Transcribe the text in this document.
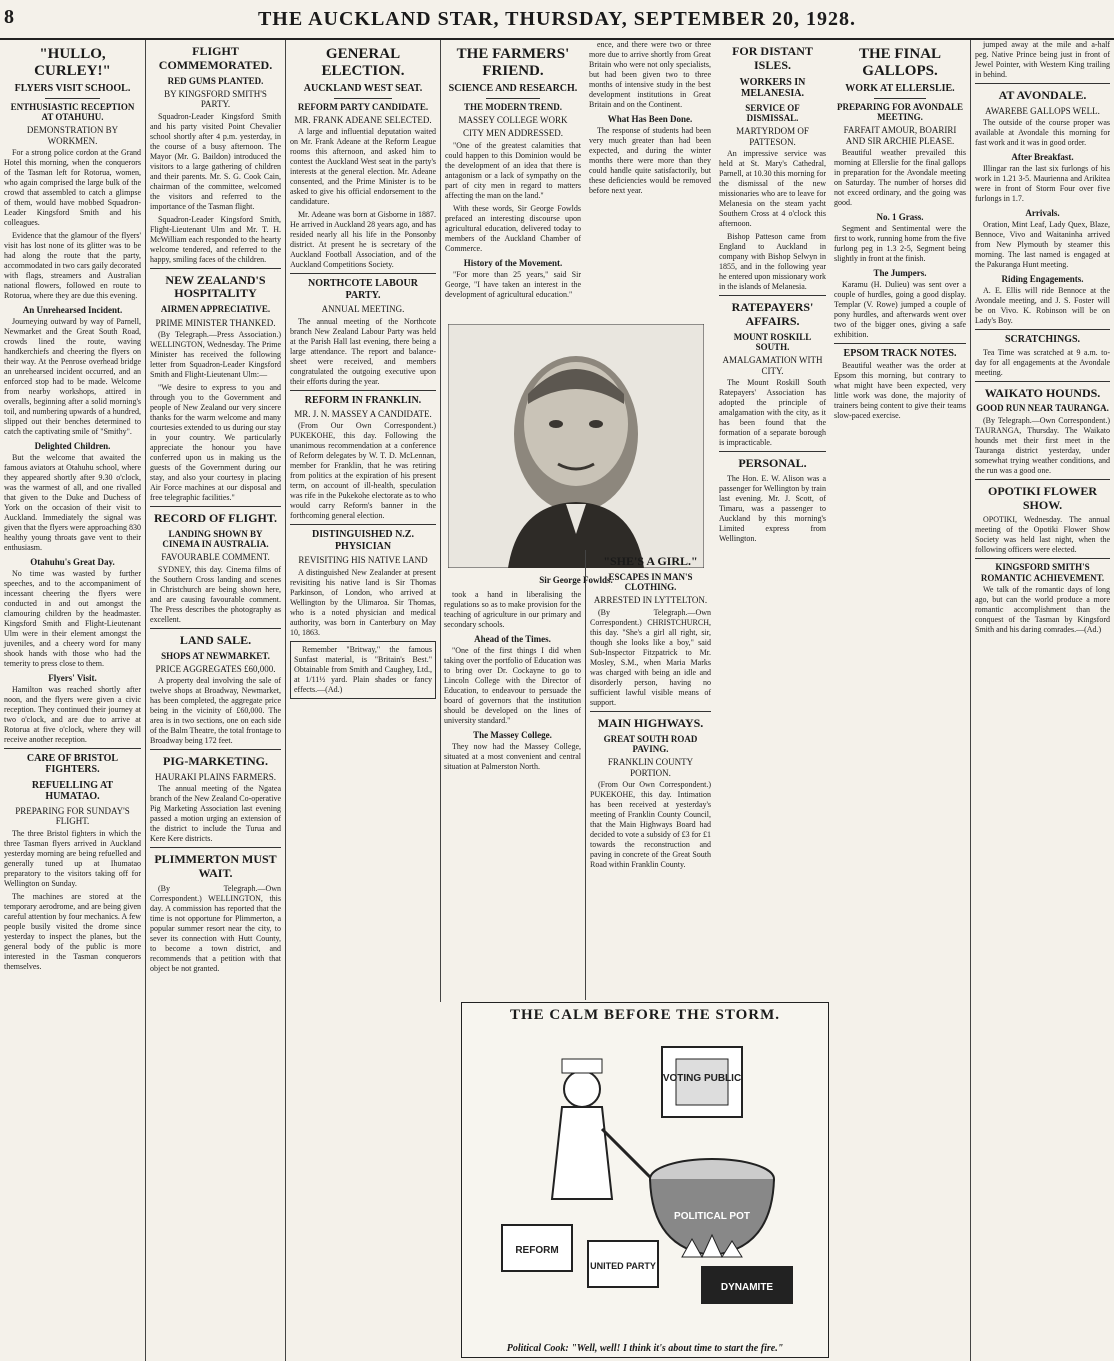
8	THE AUCKLAND STAR, THURSDAY, SEPTEMBER 20, 1928.
"HULLO, CURLEY!"
FLYERS VISIT SCHOOL.
ENTHUSIASTIC RECEPTION AT OTAHUHU.
DEMONSTRATION BY WORKMEN.

For a strong police cordon at the Grand Hotel this morning, when the conquerors of the Tasman left for Rotorua, women, who again comprised the large bulk of the crowd that assembled to catch a glimpse of them, would have mobbed Squadron-Leader Kingsford Smith and his colleagues.

Evidence that the glamour of the flyers' visit has lost none of its glitter was to be had along the route that the party, accommodated in two cars gaily decorated with flags, streamers and Australian national flowers, followed en route to Rotorua, where they are due this evening.

An Unrehearsed Incident.

Journeying outward by way of Parnell, Newmarket and the Great South Road, crowds lined the route, waving handkerchiefs and cheering the flyers on their way. At the Penrose overhead bridge an unrehearsed incident occurred, and an enforced stop had to be made. Welcome from nearby workshops, attired in overalls, beginning after a solid morning's toil, and numbering upwards of a hundred, slipped out their benches determined to catch the captivating smile of "Smithy".

Delighted Children.

But the welcome that awaited the famous aviators at Otahuhu school, where they appeared shortly after 9.30 o'clock, was the warmest of all, and one rivalled that given to the Duke and Duchess of York on the occasion of their visit to Auckland. Immediately the signal was given that the flyers were approaching 830 healthy young throats gave vent to their enthusiasm.

Otahuhu's Great Day.

No time was wasted by further speeches, and to the accompaniment of incessant cheering the flyers were conducted in and out amongst the clamouring children by the headmaster. Kingsford Smith and Flight-Lieutenant Ulm were in their element amongst the juveniles, and a cheery word for many shook hands with those who had the temerity to press close to them.

Flyers' Visit.

Hamilton was reached shortly after noon, and the flyers were given a civic reception. They continued their journey at two o'clock, and are due to arrive at Rotorua at five o'clock, where they will receive another reception.

CARE OF BRISTOL FIGHTERS.
REFUELLING AT HUMATAO.
PREPARING FOR SUNDAY'S FLIGHT.

The three Bristol fighters in which the three Tasman flyers arrived in Auckland yesterday morning are being refuelled and generally tuned up at Ihumatao preparatory to the visitors taking off for Wellington on Sunday.

The machines are stored at the temporary aerodrome, and are being given careful attention by four mechanics. A few people busily visited the drome since yesterday to inspect the planes, but the general body of the public is more interested in the Tasman conquerors themselves.

FLIGHT COMMEMORATED.
RED GUMS PLANTED.
BY KINGSFORD SMITH'S PARTY.

Squadron-Leader Kingsford Smith and his party visited Point Chevalier school shortly after 4 p.m. yesterday, in the course of a busy afternoon. The Mayor (Mr. G. Baildon) introduced the visitors to a large gathering of children and their parents. Mr. S. G. Cook Cain, chairman of the committee, welcomed the visitors and referred to the importance of the Tasman flight.

Squadron-Leader Kingsford Smith, Flight-Lieutenant Ulm and Mr. T. H. McWilliam each responded to the hearty welcome tendered, and referred to the happy, smiling faces of the children.

NEW ZEALAND'S HOSPITALITY
AIRMEN APPRECIATIVE.
PRIME MINISTER THANKED.

(By Telegraph.—Press Association.) WELLINGTON, Wednesday. The Prime Minister has received the following letter from Squadron-Leader Kingsford Smith and Flight-Lieutenant Ulm:—

"We desire to express to you and through you to the Government and people of New Zealand our very sincere thanks for the warm welcome and many courtesies extended to us during our stay in your country. We particularly appreciate the honour you have conferred upon us in making us the guests of the Government during our stay, and also your courtesy in placing Air Force machines at our disposal and free telegraphic facilities."

RECORD OF FLIGHT.
LANDING SHOWN BY CINEMA IN AUSTRALIA.
FAVOURABLE COMMENT.

SYDNEY, this day. Cinema films of the Southern Cross landing and scenes in Christchurch are being shown here, and are causing favourable comment. The Press describes the photography as excellent.

LAND SALE.
SHOPS AT NEWMARKET.
PRICE AGGREGATES £60,000.

A property deal involving the sale of twelve shops at Broadway, Newmarket, has been completed, the aggregate price being in the vicinity of £60,000. The area is in two sections, one on each side of the Balm Theatre, the total frontage to Broadway being 172 feet.

PIG-MARKETING.
HAURAKI PLAINS FARMERS.

The annual meeting of the Ngatea branch of the New Zealand Co-operative Pig Marketing Association last evening passed a motion urging an extension of the district to include the Turua and Kere Kere districts.

PLIMMERTON MUST WAIT.

(By Telegraph.—Own Correspondent.) WELLINGTON, this day. A commission has reported that the time is not opportune for Plimmerton, a popular summer resort near the city, to sever its connection with Hutt County, to become a town district, and recommends that a petition with that object be not granted.

GENERAL ELECTION.
AUCKLAND WEST SEAT.
REFORM PARTY CANDIDATE.
MR. FRANK ADEANE SELECTED.

A large and influential deputation waited on Mr. Frank Adeane at the Reform League rooms this afternoon, and asked him to contest the Auckland West seat in the party's interests at the general election. Mr. Adeane consented, and the Prime Minister is to be asked to give his official endorsement to the candidature.

Mr. Adeane was born at Gisborne in 1887. He arrived in Auckland 28 years ago, and has resided nearly all his life in the Ponsonby district. At present he is secretary of the Auckland Football Association, and of the Auckland Competitions Society.

NORTHCOTE LABOUR PARTY.
ANNUAL MEETING.

The annual meeting of the Northcote branch New Zealand Labour Party was held at the Parish Hall last evening, there being a large attendance. The report and balance-sheet were received, and members congratulated the outgoing executive upon their efforts during the year.

REFORM IN FRANKLIN.
MR. J. N. MASSEY A CANDIDATE.

(From Our Own Correspondent.) PUKEKOHE, this day. Following the unanimous recommendation at a conference of Reform delegates by W. T. D. McLennan, member for Franklin, that he was retiring from politics at the expiration of his present term, on account of ill-health, speculation was rife in the Pukekohe electorate as to who would carry Reform's banner in the forthcoming general election.

DISTINGUISHED N.Z. PHYSICIAN
REVISITING HIS NATIVE LAND

A distinguished New Zealander at present revisiting his native land is Sir Thomas Parkinson, of London, who arrived at Wellington by the Ulimaroa. Sir Thomas, who is a noted physician and medical authority, was born in Canterbury on May 10, 1863.

Remember "Britway," the famous Sunfast material, is "Britain's Best." Obtainable from Smith and Caughey, Ltd., at 1/11½ yard. Plain shades or fancy effects.—(Ad.)

THE FARMERS' FRIEND.
SCIENCE AND RESEARCH.
THE MODERN TREND.
MASSEY COLLEGE WORK
CITY MEN ADDRESSED.

"One of the greatest calamities that could happen to this Dominion would be the development of an idea that there is antagonism or a lack of sympathy on the part of city men in regard to matters affecting the man on the land."

With these words, Sir George Fowlds prefaced an interesting discourse upon agricultural education, delivered today to members of the Auckland Chamber of Commerce.

History of the Movement.

"For more than 25 years," said Sir George, "I have taken an interest in the development of agricultural education."

Sir George Fowlds.

took a hand in liberalising the regulations so as to make provision for the teaching of agriculture in our primary and secondary schools.

Ahead of the Times.

"One of the first things I did when taking over the portfolio of Education was to bring over Dr. Cockayne to go to Lincoln College with the Director of Education, to endeavour to persuade the board of governors that the institution should be developed on the lines of university standard."

The Massey College.

They now had the Massey College, situated at a most convenient and central situation at Palmerston North.

ence, and there were two or three more due to arrive shortly from Great Britain who were not only specialists, but had been given two to three months of intensive study in the best development institutions in Great Britain and on the Continent.

What Has Been Done.

The response of students had been very much greater than had been expected, and during the winter months there were more than they could handle quite satisfactorily, but these deficiencies would be removed before next year.

"SHE'S A GIRL."
ESCAPES IN MAN'S CLOTHING.
ARRESTED IN LYTTELTON.

(By Telegraph.—Own Correspondent.) CHRISTCHURCH, this day. "She's a girl all right, sir, though she looks like a boy," said Sub-Inspector Fitzpatrick to Mr. Mosley, S.M., when Maria Marks was charged with being an idle and disorderly person, having no sufficient lawful visible means of support.

MAIN HIGHWAYS.
GREAT SOUTH ROAD PAVING.
FRANKLIN COUNTY PORTION.

(From Our Own Correspondent.) PUKEKOHE, this day. Intimation has been received at yesterday's meeting of Franklin County Council, that the Main Highways Board had decided to vote a subsidy of £3 for £1 towards the reconstruction and paving in concrete of the Great South Road within Franklin County.

FOR DISTANT ISLES.
WORKERS IN MELANESIA.
SERVICE OF DISMISSAL.
MARTYRDOM OF PATTESON.

An impressive service was held at St. Mary's Cathedral, Parnell, at 10.30 this morning for the dismissal of the new missionaries who are to leave for Melanesia on the steam yacht Southern Cross at 4 o'clock this afternoon.

Bishop Patteson came from England to Auckland in company with Bishop Selwyn in 1855, and in the following year he entered upon missionary work in the islands of Melanesia.

RATEPAYERS' AFFAIRS.
MOUNT ROSKILL SOUTH.
AMALGAMATION WITH CITY.

The Mount Roskill South Ratepayers' Association has adopted the principle of amalgamation with the city, as it has been found that the formation of a separate borough is impracticable.

PERSONAL.

The Hon. E. W. Alison was a passenger for Wellington by train last evening. Mr. J. Scott, of Timaru, was a passenger to Auckland by this morning's Limited express from Wellington.

THE FINAL GALLOPS.
WORK AT ELLERSLIE.
PREPARING FOR AVONDALE MEETING.
FARFAIT AMOUR, BOARIRI AND SIR ARCHIE PLEASE.

Beautiful weather prevailed this morning at Ellerslie for the final gallops in preparation for the Avondale meeting on Saturday. The number of horses did not exceed ordinary, and the going was good.

No. 1 Grass.

Segment and Sentimental were the first to work, running home from the five furlong peg in 1.3 2-5, Segment being slightly in front at the finish.

The Jumpers.

Karamu (H. Dulieu) was sent over a couple of hurdles, going a good display. Templar (V. Rowe) jumped a couple of pony hurdles, and afterwards went over two of the bigger ones, giving a safe exhibition.

EPSOM TRACK NOTES.

Beautiful weather was the order at Epsom this morning, but contrary to what might have been expected, very little work was done, the majority of trainers being content to give their teams slow-paced exercise.

jumped away at the mile and a-half peg. Native Prince being just in front of Jewel Pointer, with Western King trailing in behind.

AT AVONDALE.
AWAREBE GALLOPS WELL.

The outside of the course proper was available at Avondale this morning for fast work and it was in good order.

After Breakfast.

Illingar ran the last six furlongs of his work in 1.21 3-5. Maurienna and Arikitea were in front of Storm Four over five furlongs in 1.7.

Arrivals.

Oration, Mint Leaf, Lady Quex, Blaze, Bennoce, Vivo and Waitaninha arrived from New Plymouth by steamer this morning. The last named is engaged at the Pakuranga Hunt meeting.

Riding Engagements.

A. E. Ellis will ride Bennoce at the Avondale meeting, and J. S. Foster will be on Vivo. K. Robinson will be on Lady's Boy.

SCRATCHINGS.

Tea Time was scratched at 9 a.m. to-day for all engagements at the Avondale meeting.

WAIKATO HOUNDS.
GOOD RUN NEAR TAURANGA.

(By Telegraph.—Own Correspondent.) TAURANGA, Thursday. The Waikato hounds met their first meet in the Tauranga district yesterday, under somewhat trying weather conditions, and the run was a good one.

OPOTIKI FLOWER SHOW.

OPOTIKI, Wednesday. The annual meeting of the Opotiki Flower Show Society was held last night, when the following officers were elected.

KINGSFORD SMITH'S ROMANTIC ACHIEVEMENT.

We talk of the romantic days of long ago, but can the world produce a more romantic accomplishment than the conquest of the Tasman by Kingsford Smith and his daring comrades.—(Ad.)

THE CALM BEFORE THE STORM.
VOTING PUBLIC
POLITICAL POT
REFORM
UNITED PARTY
DYNAMITE
Political Cook: "Well, well! I think it's about time to start the fire."
